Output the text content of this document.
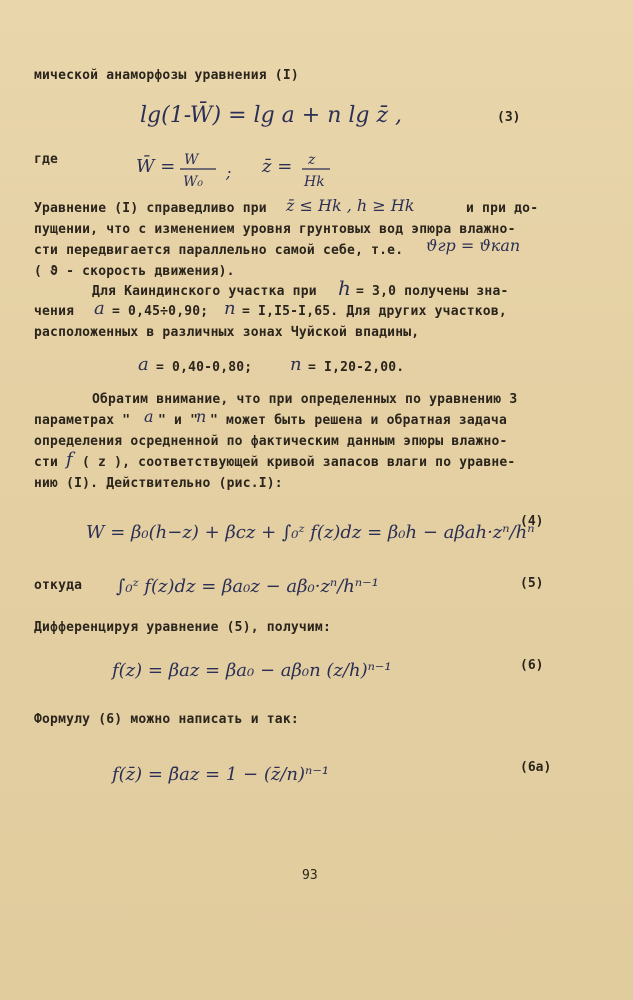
мической анаморфозы уравнения (I)
lg(1-W̄) = lg a + n lg z̄ ,	(3)
где	W̄ = W
W₀ ; z̄ = z
Hk
Уравнение (I) справедливо при z̄ ≤ Hk , h ≥ Hk	и при до-
пущении, что с изменением уровня грунтовых вод эпюра влажно-
сти передвигается параллельно самой себе, т.е. ϑгр = ϑкап
( ϑ - скорость движения).
Для Каиндинского участка при h = 3,0 получены зна-
чения a = 0,45÷0,90; n = I,I5-I,65. Для других участков,
расположенных в различных зонах Чуйской впадины,
a = 0,40-0,80; n = I,20-2,00.
Обратим внимание, что при определенных по уравнению 3
параметрах " a " и "
n " может быть решена и обратная задача
определения осредненной по фактическим данным эпюры влажно-
сти f ( z ), соответствующей кривой запасов влаги по уравне-
нию (I). Действительно (рис.I):
W = β₀(h−z) + βcz + ∫₀ᶻ f(z)dz = β₀h − aβah·zⁿ/hⁿ
(4)
откуда ∫₀ᶻ f(z)dz = βa₀z − aβ₀·zⁿ/hⁿ⁻¹	(5)
Дифференцируя уравнение (5), получим:
f(z) = βaz = βa₀ − aβ₀n (z/h)ⁿ⁻¹	(6)
Формулу (6) можно написать и так:
f(z̄) = β̄az = 1 − (z̄/n)ⁿ⁻¹	(6a)
93
